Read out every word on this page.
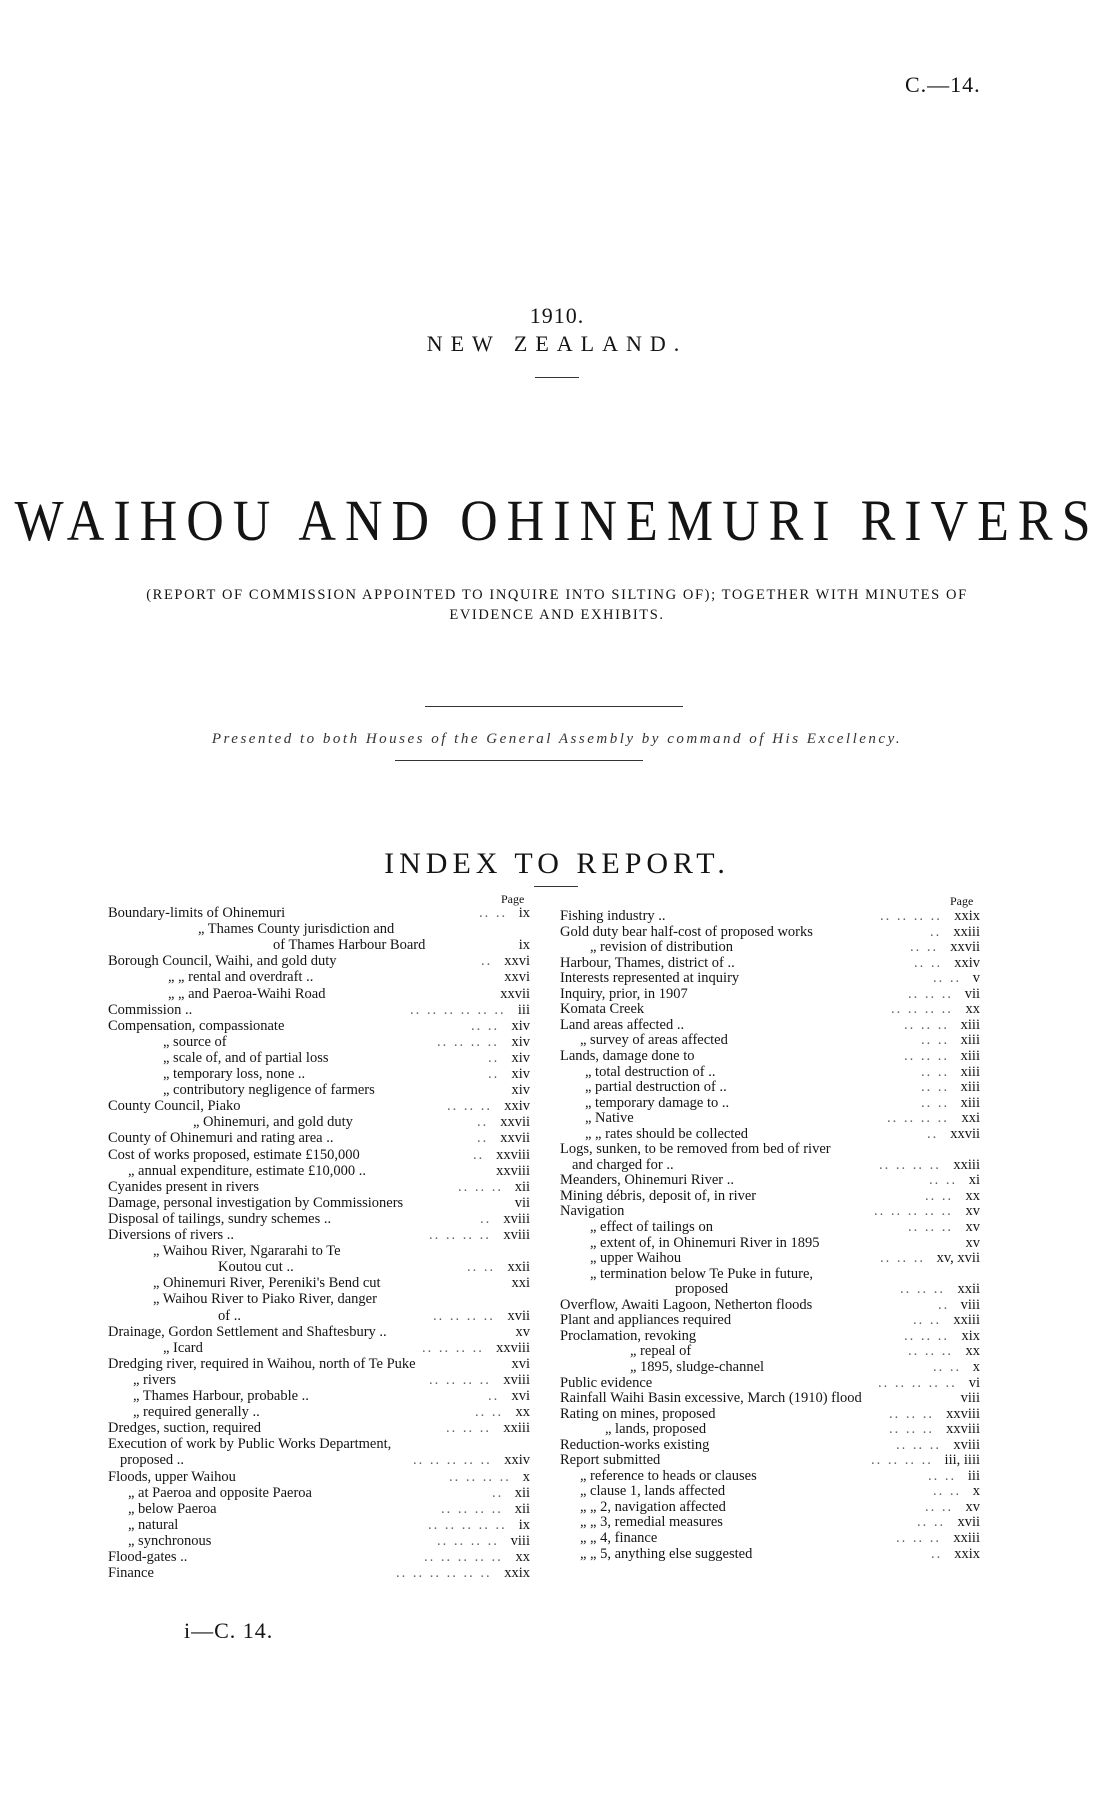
C.—14.
1910.
NEW ZEALAND.
WAIHOU AND OHINEMURI RIVERS
(REPORT OF COMMISSION APPOINTED TO INQUIRE INTO SILTING OF); TOGETHER WITH MINUTES OF EVIDENCE AND EXHIBITS.
Presented to both Houses of the General Assembly by command of His Excellency.
INDEX TO REPORT.
Page	Page
Boundary-limits of Ohinemuri	.. .. ix
„ Thames County jurisdiction and
of Thames Harbour Board	ix
Borough Council, Waihi, and gold duty	.. xxvi
„ „ rental and overdraft ..	xxvi
„ „ and Paeroa-Waihi Road	xxvii
Commission ..	.. .. .. .. .. .. iii
Compensation, compassionate	.. .. xiv
„ source of	.. .. .. .. xiv
„ scale of, and of partial loss	.. xiv
„ temporary loss, none ..	.. xiv
„ contributory negligence of farmers	xiv
County Council, Piako	.. .. .. xxiv
„ Ohinemuri, and gold duty	.. xxvii
County of Ohinemuri and rating area ..	.. xxvii
Cost of works proposed, estimate £150,000	.. xxviii
„ annual expenditure, estimate £10,000 ..	xxviii
Cyanides present in rivers	.. .. .. xii
Damage, personal investigation by Commissioners	vii
Disposal of tailings, sundry schemes ..	.. xviii
Diversions of rivers ..	.. .. .. .. xviii
„ Waihou River, Ngararahi to Te
Koutou cut ..	.. .. xxii
„ Ohinemuri River, Pereniki's Bend cut	xxi
„ Waihou River to Piako River, danger
of ..	.. .. .. .. xvii
Drainage, Gordon Settlement and Shaftesbury ..	xv
„ Icard	.. .. .. .. xxviii
Dredging river, required in Waihou, north of Te Puke	xvi
„ rivers	.. .. .. .. xviii
„ Thames Harbour, probable ..	.. xvi
„ required generally ..	.. .. xx
Dredges, suction, required	.. .. .. xxiii
Execution of work by Public Works Department,
proposed ..	.. .. .. .. .. xxiv
Floods, upper Waihou	.. .. .. .. x
„ at Paeroa and opposite Paeroa	.. xii
„ below Paeroa	.. .. .. .. xii
„ natural	.. .. .. .. .. ix
„ synchronous	.. .. .. .. viii
Flood-gates ..	.. .. .. .. .. xx
Finance	.. .. .. .. .. .. xxix
Fishing industry ..	.. .. .. .. xxix
Gold duty bear half-cost of proposed works	.. xxiii
„ revision of distribution	.. .. xxvii
Harbour, Thames, district of ..	.. .. xxiv
Interests represented at inquiry	.. .. v
Inquiry, prior, in 1907	.. .. .. vii
Komata Creek	.. .. .. .. xx
Land areas affected ..	.. .. .. xiii
„ survey of areas affected	.. .. xiii
Lands, damage done to	.. .. .. xiii
„ total destruction of ..	.. .. xiii
„ partial destruction of ..	.. .. xiii
„ temporary damage to ..	.. .. xiii
„ Native	.. .. .. .. xxi
„ „ rates should be collected	.. xxvii
Logs, sunken, to be removed from bed of river
and charged for ..	.. .. .. .. xxiii
Meanders, Ohinemuri River ..	.. .. xi
Mining débris, deposit of, in river	.. .. xx
Navigation	.. .. .. .. .. xv
„ effect of tailings on	.. .. .. xv
„ extent of, in Ohinemuri River in 1895	xv
„ upper Waihou	.. .. .. xv, xvii
„ termination below Te Puke in future,
proposed	.. .. .. xxii
Overflow, Awaiti Lagoon, Netherton floods	.. viii
Plant and appliances required	.. .. xxiii
Proclamation, revoking	.. .. .. xix
„ repeal of	.. .. .. xx
„ 1895, sludge-channel	.. .. x
Public evidence	.. .. .. .. .. vi
Rainfall Waihi Basin excessive, March (1910) flood	viii
Rating on mines, proposed	.. .. .. xxviii
„ lands, proposed	.. .. .. xxviii
Reduction-works existing	.. .. .. xviii
Report submitted	.. .. .. .. iii, iiii
„ reference to heads or clauses	.. .. iii
„ clause 1, lands affected	.. .. x
„ „ 2, navigation affected	.. .. xv
„ „ 3, remedial measures	.. .. xvii
„ „ 4, finance	.. .. .. xxiii
„ „ 5, anything else suggested	.. xxix
i—C. 14.
